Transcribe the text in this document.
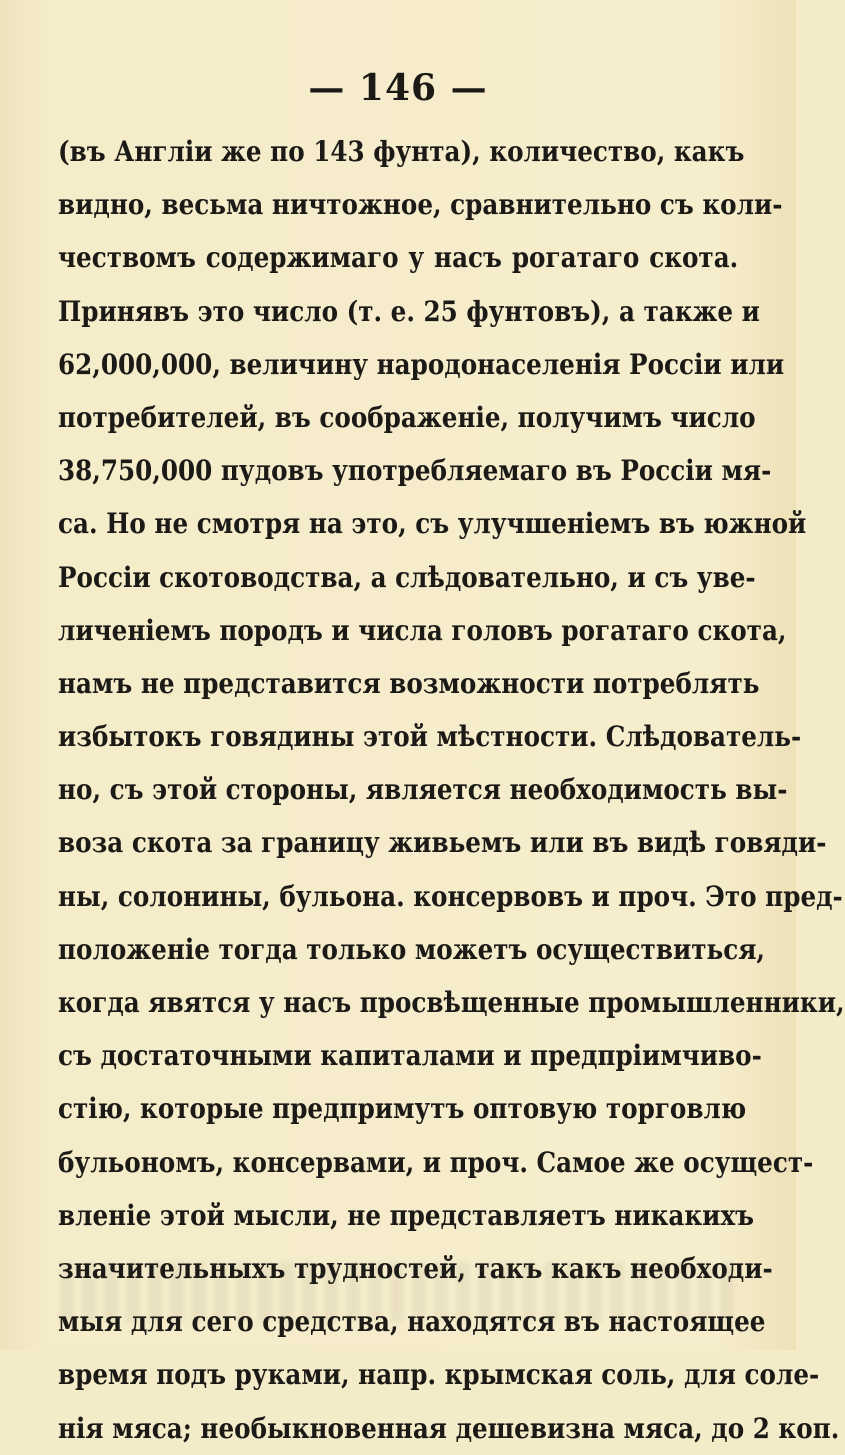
— 146 —
(въ Англіи же по 143 фунта), количество, какъ
видно, весьма ничтожное, сравнительно съ коли-
чествомъ содержимаго у насъ рогатаго скота.
Принявъ это число (т. е. 25 фунтовъ), а также и
62,000,000, величину народонаселенія Россіи или
потребителей, въ соображеніе, получимъ число
38,750,000 пудовъ употребляемаго въ Россіи мя-
са. Но не смотря на это, съ улучшеніемъ въ южной
Россіи скотоводства, а слѣдовательно, и съ уве-
личеніемъ породъ и числа головъ рогатаго скота,
намъ не представится возможности потреблять
избытокъ говядины этой мѣстности. Слѣдователь-
но, съ этой стороны, является необходимость вы-
воза скота за границу живьемъ или въ видѣ говяди-
ны, солонины, бульона. консервовъ и проч. Это пред-
положеніе тогда только можетъ осуществиться,
когда явятся у насъ просвѣщенные промышленники,
съ достаточными капиталами и предпріимчиво-
стію, которые предпримутъ оптовую торговлю
бульономъ, консервами, и проч. Самое же осущест-
вленіе этой мысли, не представляетъ никакихъ
значительныхъ трудностей, такъ какъ необходи-
мыя для сего средства, находятся въ настоящее
время подъ руками, напр. крымская соль, для соле-
нія мяса; необыкновенная дешевизна мяса, до 2 коп.
